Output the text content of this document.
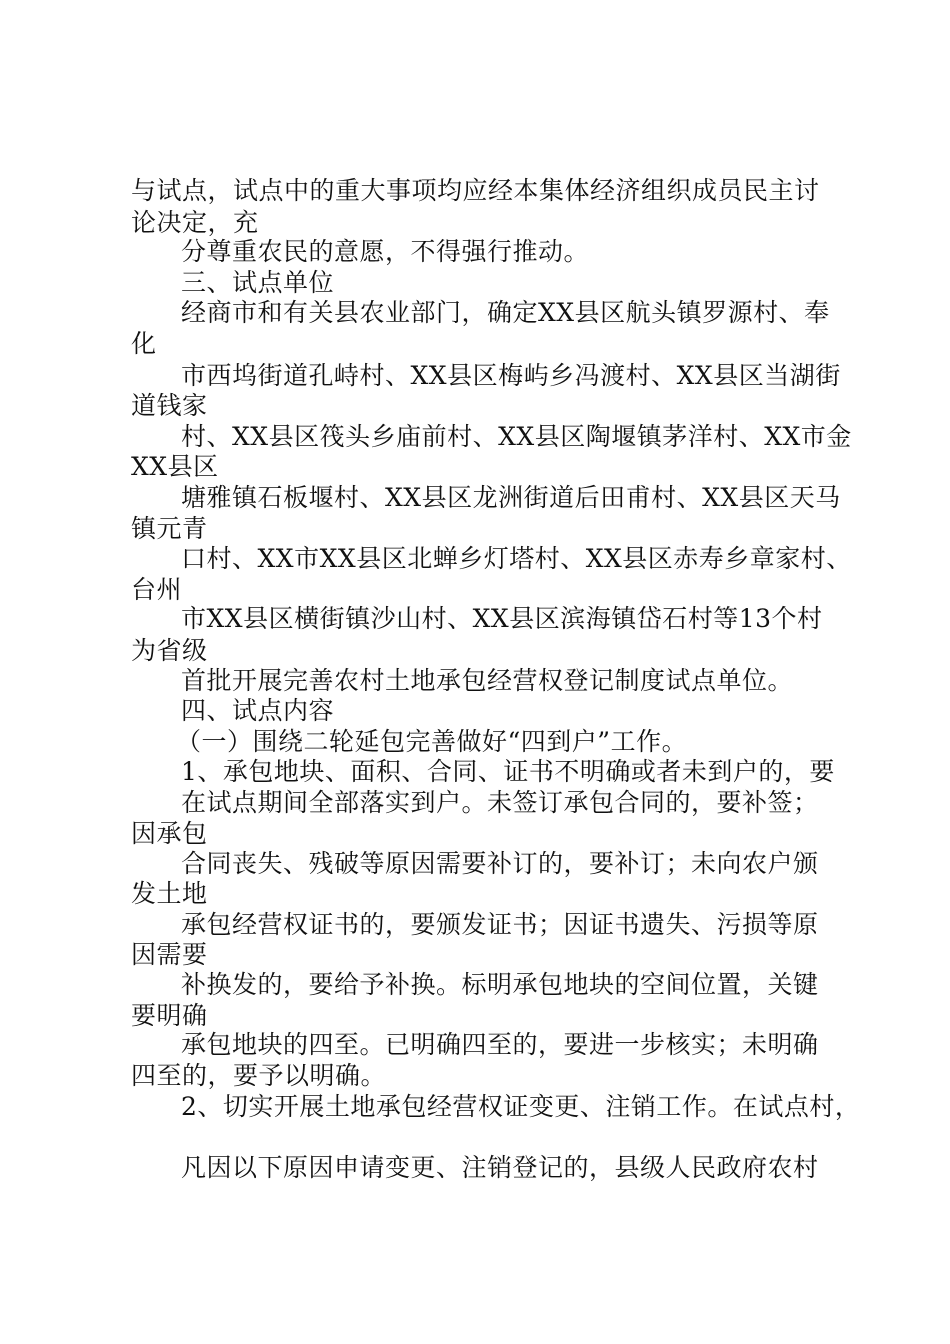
与试点，试点中的重大事项均应经本集体经济组织成员民主讨
论决定，充
分尊重农民的意愿，不得强行推动。
三、试点单位
经商市和有关县农业部门，确定XX县区航头镇罗源村、奉
化
市西坞街道孔峙村、XX县区梅屿乡冯渡村、XX县区当湖街
道钱家
村、XX县区筏头乡庙前村、XX县区陶堰镇茅洋村、XX市金
XX县区
塘雅镇石板堰村、XX县区龙洲街道后田甫村、XX县区天马
镇元青
口村、XX市XX县区北蝉乡灯塔村、XX县区赤寿乡章家村、
台州
市XX县区横街镇沙山村、XX县区滨海镇岱石村等13个村
为省级
首批开展完善农村土地承包经营权登记制度试点单位。
四、试点内容
（一）围绕二轮延包完善做好“四到户”工作。
1、承包地块、面积、合同、证书不明确或者未到户的，要
在试点期间全部落实到户。未签订承包合同的，要补签；
因承包
合同丧失、残破等原因需要补订的，要补订；未向农户颁
发土地
承包经营权证书的，要颁发证书；因证书遗失、污损等原
因需要
补换发的，要给予补换。标明承包地块的空间位置，关键
要明确
承包地块的四至。已明确四至的，要进一步核实；未明确
四至的，要予以明确。
2、切实开展土地承包经营权证变更、注销工作。在试点村，
凡因以下原因申请变更、注销登记的，县级人民政府农村
